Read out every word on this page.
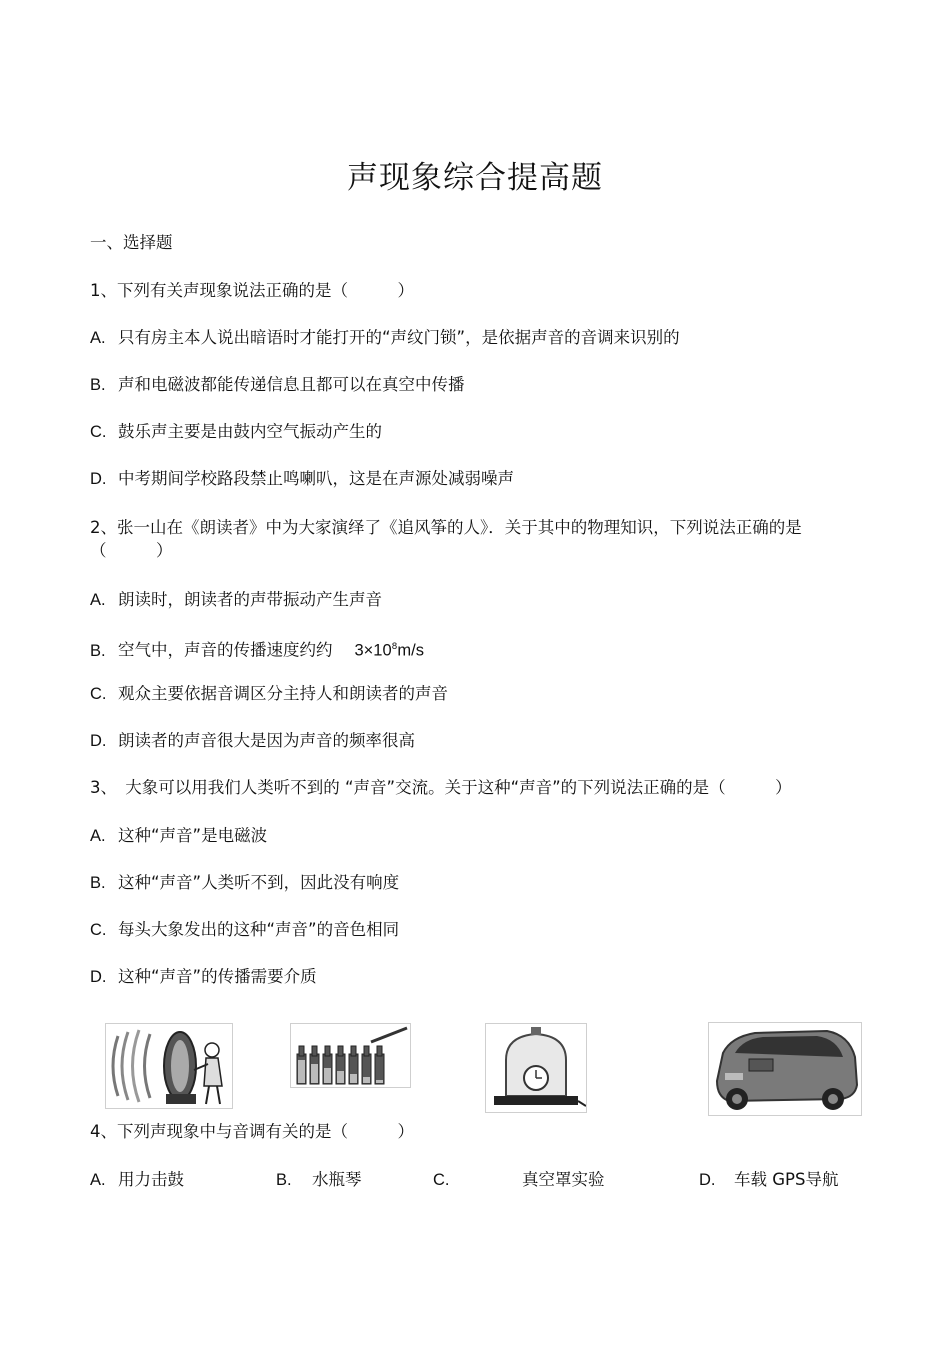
声现象综合提高题
一、选择题
1、下列有关声现象说法正确的是（　　　）
A. 只有房主本人说出暗语时才能打开的“声纹门锁”，是依据声音的音调来识别的
B. 声和电磁波都能传递信息且都可以在真空中传播
C. 鼓乐声主要是由鼓内空气振动产生的
D. 中考期间学校路段禁止鸣喇叭，这是在声源处减弱噪声
2、张一山在《朗读者》中为大家演绎了《追风筝的人》．关于其中的物理知识，下列说法正确的是（　　　）
A. 朗读时，朗读者的声带振动产生声音
B. 空气中，声音的传播速度约约 $3\times 10^8m/s$
C. 观众主要依据音调区分主持人和朗读者的声音
D. 朗读者的声音很大是因为声音的频率很高
3、　大象可以用我们人类听不到的 “声音”交流。关于这种“声音”的下列说法正确的是（　　　）
A. 这种“声音”是电磁波
B. 这种“声音”人类听不到，因此没有响度
C. 每头大象发出的这种“声音”的音色相同
D. 这种“声音”的传播需要介质
4、下列声现象中与音调有关的是（　　　）
A. 用力击鼓	B. 水瓶琴	C.	真空罩实验	D. 车载 GPS导航
